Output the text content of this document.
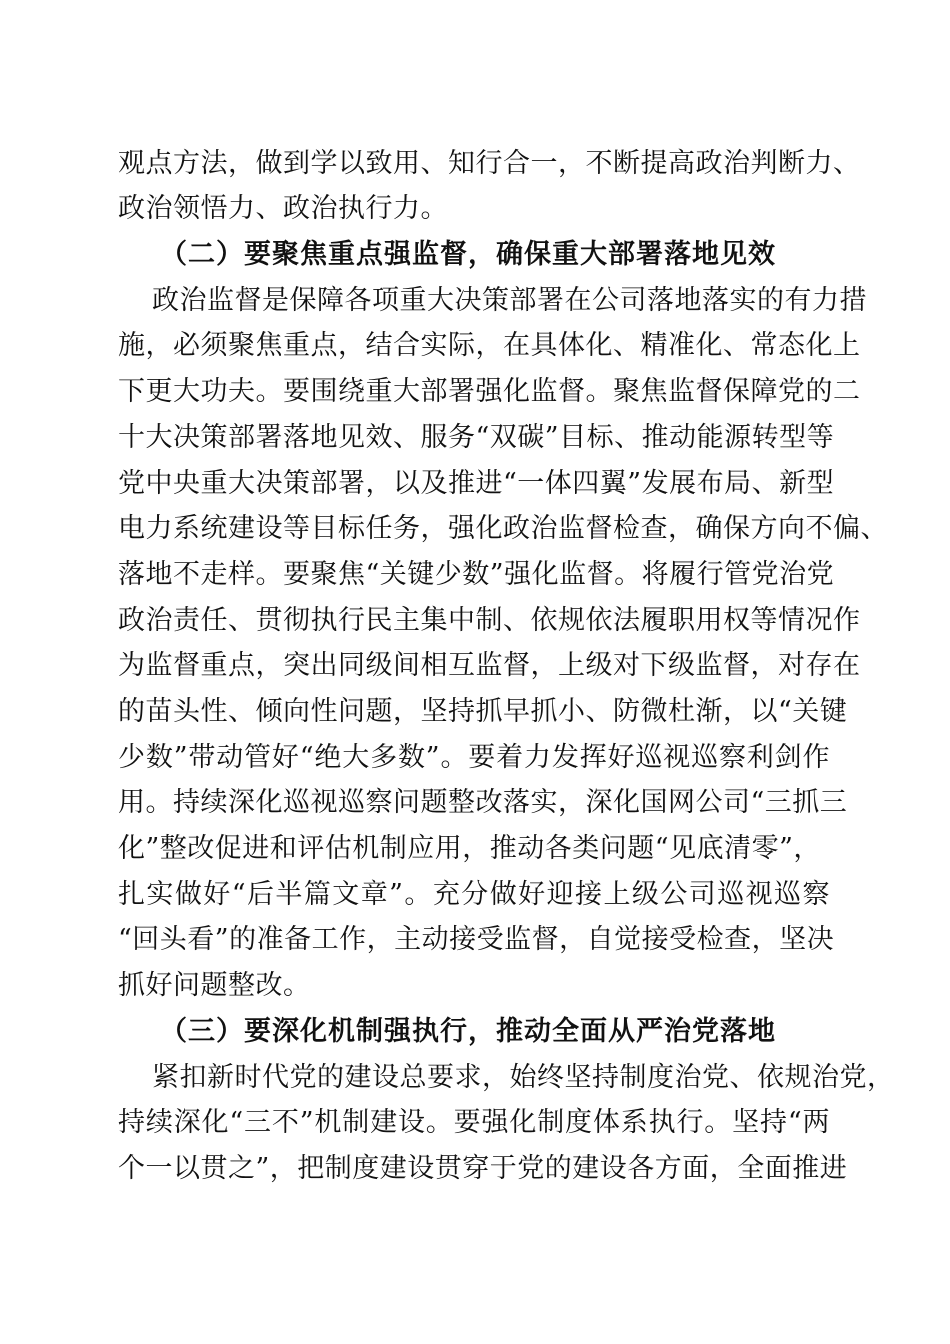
观点方法，做到学以致用、知行合一，不断提高政治判断力、
政治领悟力、政治执行力。
（二）要聚焦重点强监督，确保重大部署落地见效
政治监督是保障各项重大决策部署在公司落地落实的有力措
施，必须聚焦重点，结合实际，在具体化、精准化、常态化上
下更大功夫。要围绕重大部署强化监督。聚焦监督保障党的二
十大决策部署落地见效、服务“双碳”目标、推动能源转型等
党中央重大决策部署，以及推进“一体四翼”发展布局、新型
电力系统建设等目标任务，强化政治监督检查，确保方向不偏、
落地不走样。要聚焦“关键少数”强化监督。将履行管党治党
政治责任、贯彻执行民主集中制、依规依法履职用权等情况作
为监督重点，突出同级间相互监督，上级对下级监督，对存在
的苗头性、倾向性问题，坚持抓早抓小、防微杜渐，以“关键
少数”带动管好“绝大多数”。要着力发挥好巡视巡察利剑作
用。持续深化巡视巡察问题整改落实，深化国网公司“三抓三
化”整改促进和评估机制应用，推动各类问题“见底清零”，
扎实做好“后半篇文章”。充分做好迎接上级公司巡视巡察
“回头看”的准备工作，主动接受监督，自觉接受检查，坚决
抓好问题整改。
（三）要深化机制强执行，推动全面从严治党落地
紧扣新时代党的建设总要求，始终坚持制度治党、依规治党，
持续深化“三不”机制建设。要强化制度体系执行。坚持“两
个一以贯之”，把制度建设贯穿于党的建设各方面，全面推进
